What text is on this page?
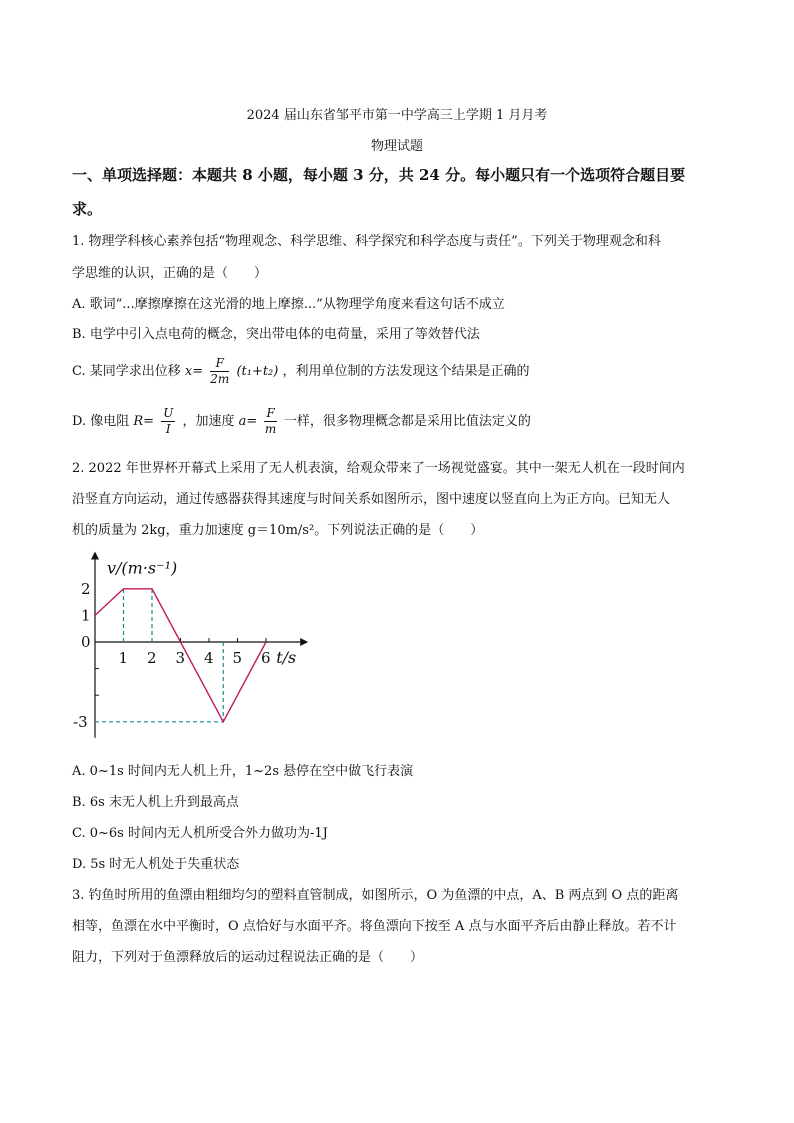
2024 届山东省邹平市第一中学高三上学期 1 月月考
物理试题
一、单项选择题：本题共 8 小题，每小题 3 分，共 24 分。每小题只有一个选项符合题目要
求。
1. 物理学科核心素养包括“物理观念、科学思维、科学探究和科学态度与责任”。下列关于物理观念和科
学思维的认识，正确的是（　　）
A. 歌词“...摩擦摩擦在这光滑的地上摩擦...”从物理学角度来看这句话不成立
B. 电学中引入点电荷的概念，突出带电体的电荷量，采用了等效替代法
C. 某同学求出位移 $x= \frac{F}{2m} (t_1+t_2)$ ，利用单位制的方法发现这个结果是正确的
D. 像电阻 $R= \frac{U}{I}$ ，加速度 $a= \frac{F}{m}$ 一样，很多物理概念都是采用比值法定义的
2. 2022 年世界杯开幕式上采用了无人机表演，给观众带来了一场视觉盛宴。其中一架无人机在一段时间内
沿竖直方向运动，通过传感器获得其速度与时间关系如图所示，图中速度以竖直向上为正方向。已知无人
机的质量为 2kg，重力加速度 g＝10m/s²。下列说法正确的是（　　）
1 2 3 4 5 6
2
1
0
-3
v/(m·s⁻¹)
t/s
A. 0~1s 时间内无人机上升，1~2s 悬停在空中做飞行表演
B. 6s 末无人机上升到最高点
C. 0~6s 时间内无人机所受合外力做功为-1J
D. 5s 时无人机处于失重状态
3. 钓鱼时所用的鱼漂由粗细均匀的塑料直管制成，如图所示，O 为鱼漂的中点，A、B 两点到 O 点的距离
相等，鱼漂在水中平衡时，O 点恰好与水面平齐。将鱼漂向下按至 A 点与水面平齐后由静止释放。若不计
阻力，下列对于鱼漂释放后的运动过程说法正确的是（　　）
